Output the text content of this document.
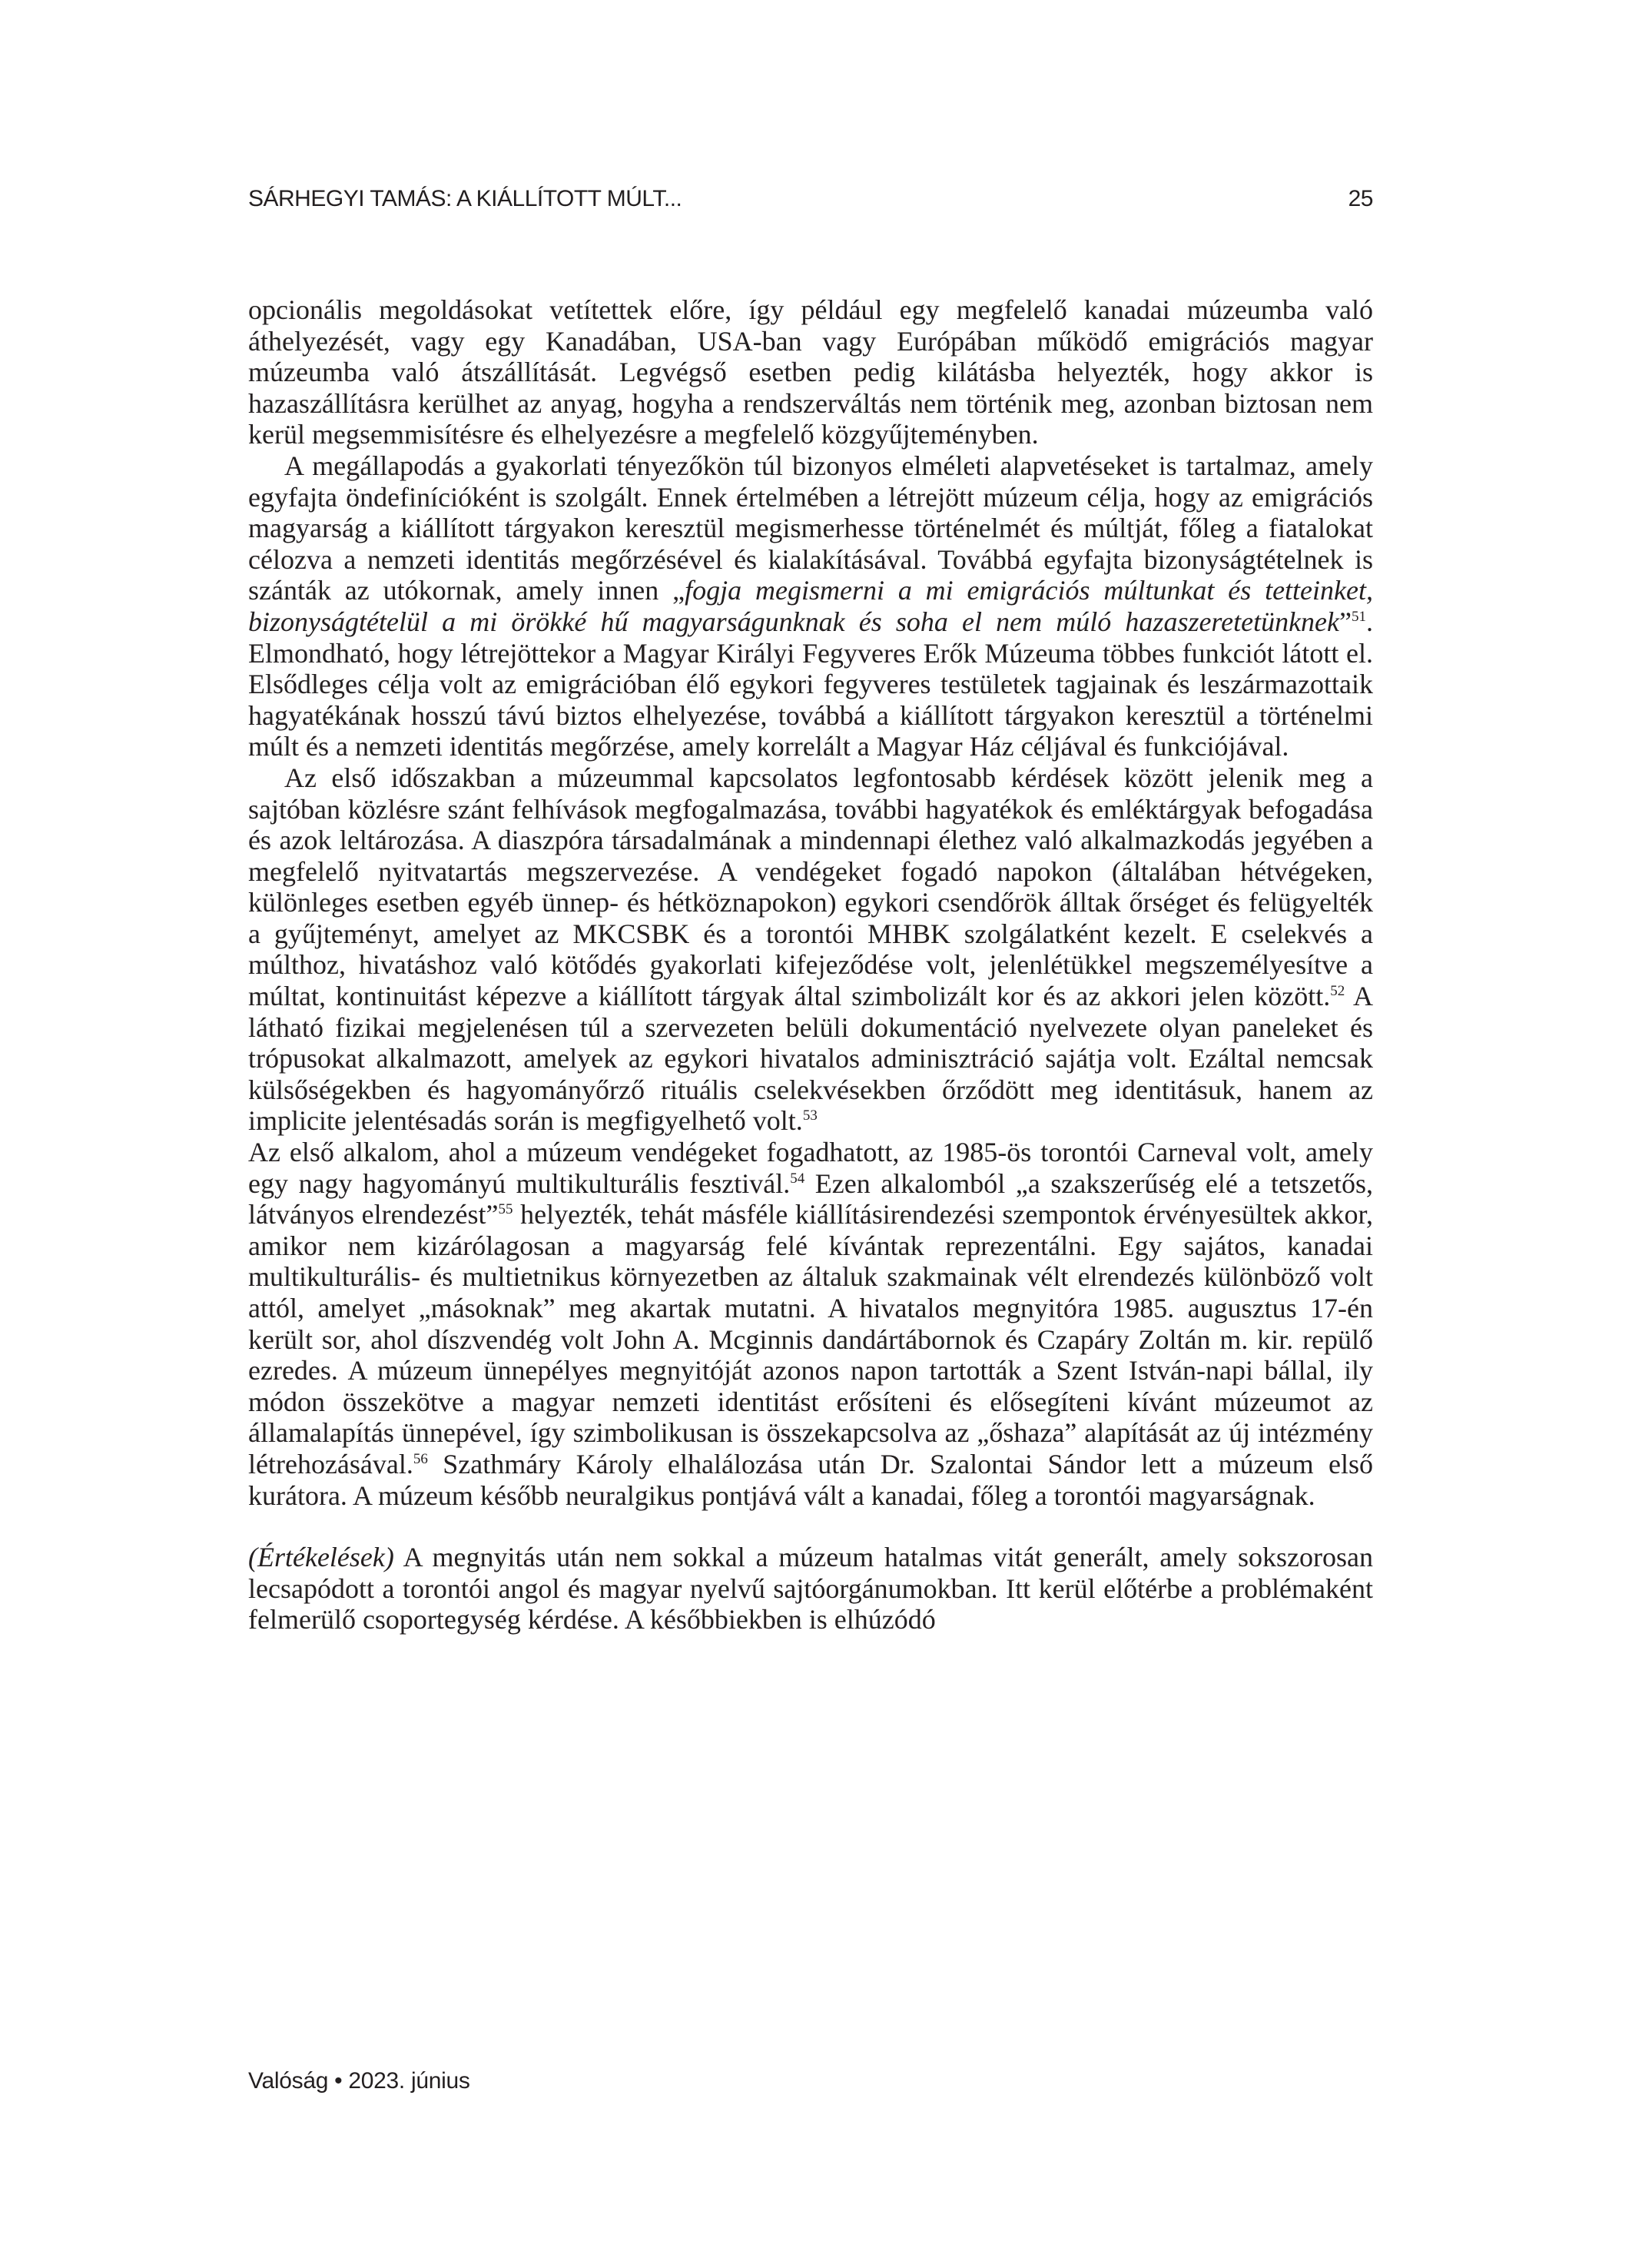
SÁRHEGYI TAMÁS: A KIÁLLÍTOTT MÚLT...	25

opcionális megoldásokat vetítettek előre, így például egy megfelelő kanadai múzeumba való áthelyezését, vagy egy Kanadában, USA-ban vagy Európában működő emigrációs magyar múzeumba való átszállítását. Legvégső esetben pedig kilátásba helyezték, hogy akkor is hazaszállításra kerülhet az anyag, hogyha a rendszerváltás nem történik meg, azonban biztosan nem kerül megsemmisítésre és elhelyezésre a megfelelő közgyűjteményben.

A megállapodás a gyakorlati tényezőkön túl bizonyos elméleti alapvetéseket is tartalmaz, amely egyfajta öndefinícióként is szolgált. Ennek értelmében a létrejött múzeum célja, hogy az emigrációs magyarság a kiállított tárgyakon keresztül megismerhesse történelmét és múltját, főleg a fiatalokat célozva a nemzeti identitás megőrzésével és kialakításával. Továbbá egyfajta bizonyságtételnek is szánták az utókornak, amely innen „fogja megismerni a mi emigrációs múltunkat és tetteinket, bizonyságtételül a mi örökké hű magyarságunknak és soha el nem múló hazaszeretetünknek”$^{51}$. Elmondható, hogy létrejöttekor a Magyar Királyi Fegyveres Erők Múzeuma többes funkciót látott el. Elsődleges célja volt az emigrációban élő egykori fegyveres testületek tagjainak és leszármazottaik hagyatékának hosszú távú biztos elhelyezése, továbbá a kiállított tárgyakon keresztül a történelmi múlt és a nemzeti identitás megőrzése, amely korrelált a Magyar Ház céljával és funkciójával.

Az első időszakban a múzeummal kapcsolatos legfontosabb kérdések között jelenik meg a sajtóban közlésre szánt felhívások megfogalmazása, további hagyatékok és emléktárgyak befogadása és azok leltározása. A diaszpóra társadalmának a mindennapi élethez való alkalmazkodás jegyében a megfelelő nyitvatartás megszervezése. A vendégeket fogadó napokon (általában hétvégeken, különleges esetben egyéb ünnep- és hétköznapokon) egykori csendőrök álltak őrséget és felügyelték a gyűjteményt, amelyet az MKCSBK és a torontói MHBK szolgálatként kezelt. E cselekvés a múlthoz, hivatáshoz való kötődés gyakorlati kifejeződése volt, jelenlétükkel megszemélyesítve a múltat, kontinuitást képezve a kiállított tárgyak által szimbolizált kor és az akkori jelen között.$^{52}$ A látható fizikai megjelenésen túl a szervezeten belüli dokumentáció nyelvezete olyan paneleket és trópusokat alkalmazott, amelyek az egykori hivatalos adminisztráció sajátja volt. Ezáltal nemcsak külsőségekben és hagyományőrző rituális cselekvésekben őrződött meg identitásuk, hanem az implicite jelentésadás során is megfigyelhető volt.$^{53}$

Az első alkalom, ahol a múzeum vendégeket fogadhatott, az 1985-ös torontói Carneval volt, amely egy nagy hagyományú multikulturális fesztivál.$^{54}$ Ezen alkalomból „a szakszerűség elé a tetszetős, látványos elrendezést”$^{55}$ helyezték, tehát másféle kiállításirendezési szempontok érvényesültek akkor, amikor nem kizárólagosan a magyarság felé kívántak reprezentálni. Egy sajátos, kanadai multikulturális- és multietnikus környezetben az általuk szakmainak vélt elrendezés különböző volt attól, amelyet „másoknak” meg akartak mutatni. A hivatalos megnyitóra 1985. augusztus 17-én került sor, ahol díszvendég volt John A. Mcginnis dandártábornok és Czapáry Zoltán m. kir. repülő ezredes. A múzeum ünnepélyes megnyitóját azonos napon tartották a Szent István-napi bállal, ily módon összekötve a magyar nemzeti identitást erősíteni és elősegíteni kívánt múzeumot az államalapítás ünnepével, így szimbolikusan is összekapcsolva az „őshaza” alapítását az új intézmény létrehozásával.$^{56}$ Szathmáry Károly elhalálozása után Dr. Szalontai Sándor lett a múzeum első kurátora. A múzeum később neuralgikus pontjává vált a kanadai, főleg a torontói magyarságnak.

(Értékelések) A megnyitás után nem sokkal a múzeum hatalmas vitát generált, amely sokszorosan lecsapódott a torontói angol és magyar nyelvű sajtóorgánumokban. Itt kerül előtérbe a problémaként felmerülő csoportegység kérdése. A későbbiekben is elhúzódó

Valóság • 2023. június
